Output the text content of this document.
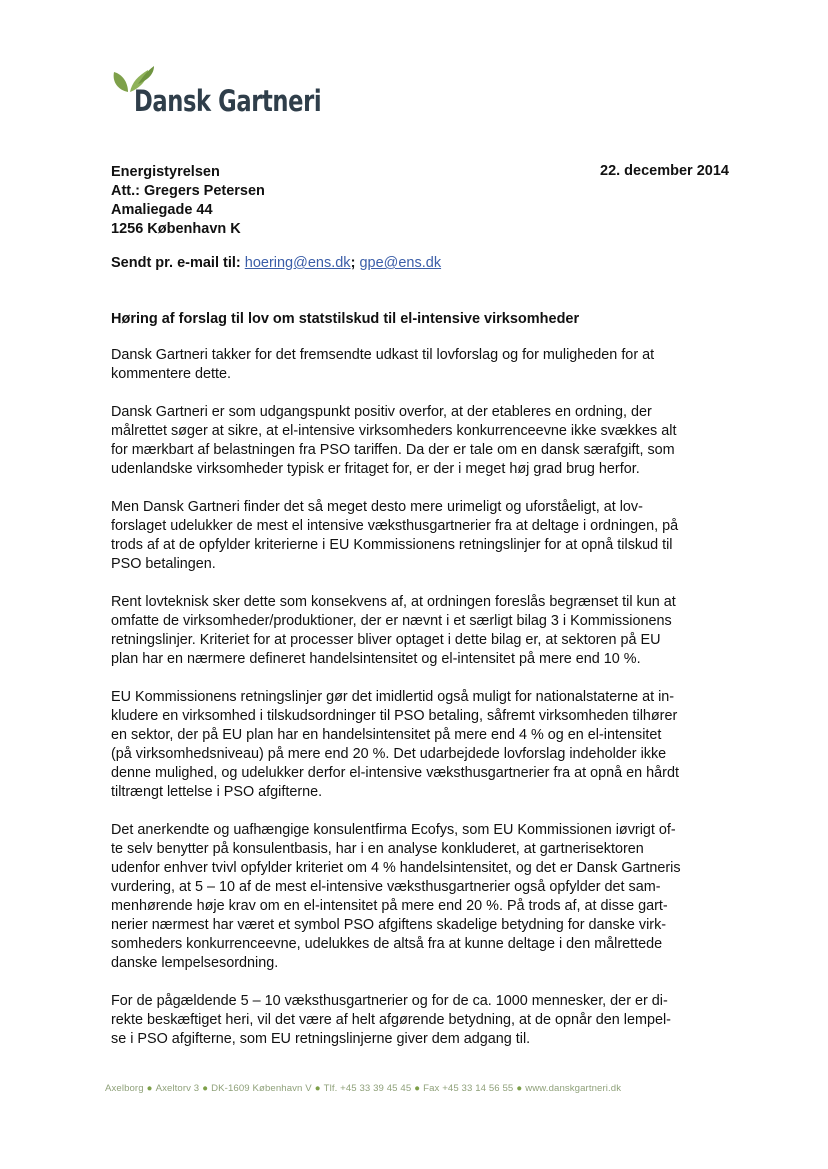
Dansk Gartneri
Energistyrelsen
Att.: Gregers Petersen
Amaliegade 44
1256 København K
22. december 2014
Sendt pr. e-mail til: hoering@ens.dk; gpe@ens.dk
Høring af forslag til lov om statstilskud til el-intensive virksomheder

Dansk Gartneri takker for det fremsendte udkast til lovforslag og for muligheden for at
kommentere dette.

Dansk Gartneri er som udgangspunkt positiv overfor, at der etableres en ordning, der
målrettet søger at sikre, at el-intensive virksomheders konkurrenceevne ikke svækkes alt
for mærkbart af belastningen fra PSO tariffen. Da der er tale om en dansk særafgift, som
udenlandske virksomheder typisk er fritaget for, er der i meget høj grad brug herfor.

Men Dansk Gartneri finder det så meget desto mere urimeligt og uforståeligt, at lov-
forslaget udelukker de mest el intensive væksthusgartnerier fra at deltage i ordningen, på
trods af at de opfylder kriterierne i EU Kommissionens retningslinjer for at opnå tilskud til
PSO betalingen.

Rent lovteknisk sker dette som konsekvens af, at ordningen foreslås begrænset til kun at
omfatte de virksomheder/produktioner, der er nævnt i et særligt bilag 3 i Kommissionens
retningslinjer. Kriteriet for at processer bliver optaget i dette bilag er, at sektoren på EU
plan har en nærmere defineret handelsintensitet og el-intensitet på mere end 10 %.

EU Kommissionens retningslinjer gør det imidlertid også muligt for nationalstaterne at in-
kludere en virksomhed i tilskudsordninger til PSO betaling, såfremt virksomheden tilhører
en sektor, der på EU plan har en handelsintensitet på mere end 4 % og en el-intensitet
(på virksomhedsniveau) på mere end 20 %. Det udarbejdede lovforslag indeholder ikke
denne mulighed, og udelukker derfor el-intensive væksthusgartnerier fra at opnå en hårdt
tiltrængt lettelse i PSO afgifterne.

Det anerkendte og uafhængige konsulentfirma Ecofys, som EU Kommissionen iøvrigt of-
te selv benytter på konsulentbasis, har i en analyse konkluderet, at gartnerisektoren
udenfor enhver tvivl opfylder kriteriet om 4 % handelsintensitet, og det er Dansk Gartneris
vurdering, at 5 – 10 af de mest el-intensive væksthusgartnerier også opfylder det sam-
menhørende høje krav om en el-intensitet på mere end 20 %. På trods af, at disse gart-
nerier nærmest har været et symbol PSO afgiftens skadelige betydning for danske virk-
somheders konkurrenceevne, udelukkes de altså fra at kunne deltage i den målrettede
danske lempelsesordning.

For de pågældende 5 – 10 væksthusgartnerier og for de ca. 1000 mennesker, der er di-
rekte beskæftiget heri, vil det være af helt afgørende betydning, at de opnår den lempel-
se i PSO afgifterne, som EU retningslinjerne giver dem adgang til.

Axelborg ● Axeltorv 3 ● DK-1609 København V ● Tlf. +45 33 39 45 45 ● Fax +45 33 14 56 55 ● www.danskgartneri.dk
